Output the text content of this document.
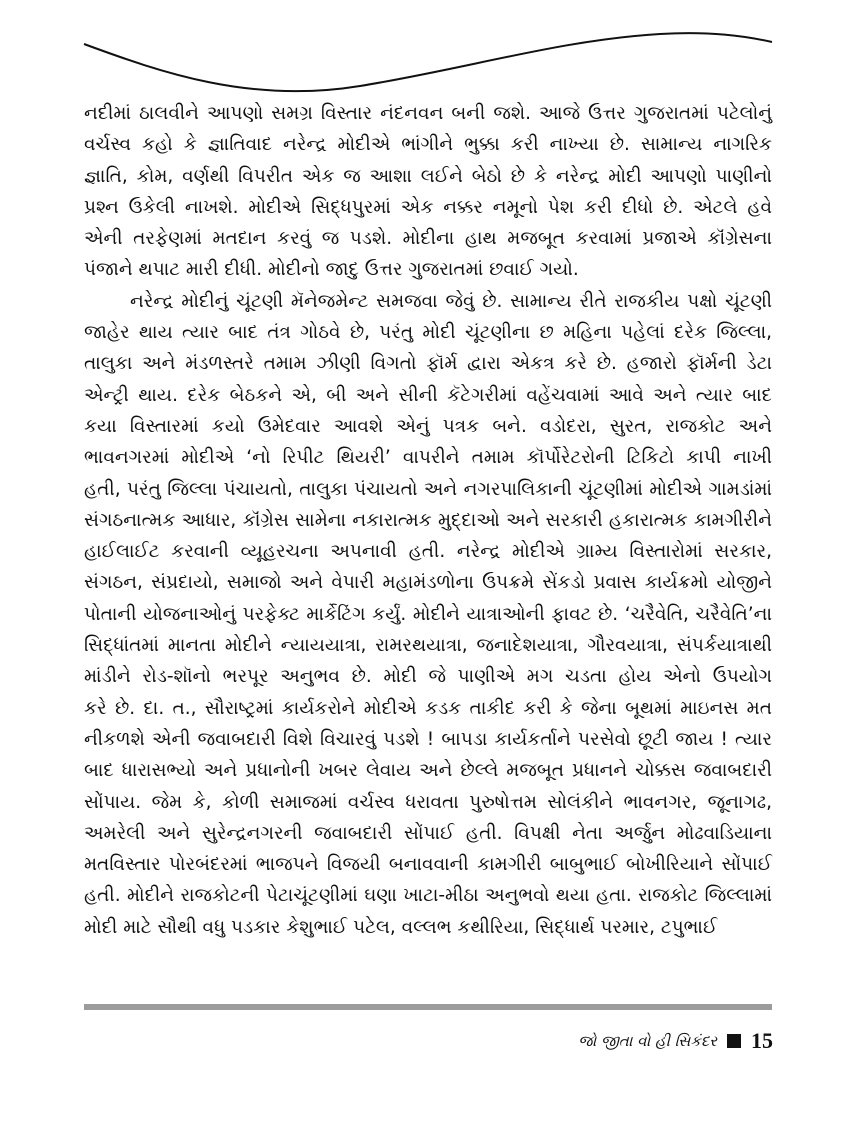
નદીમાં ઠાલવીને આપણો સમગ્ર વિસ્તાર નંદનવન બની જશે. આજે ઉત્તર ગુજરાતમાં પટેલોનું
વર્ચસ્વ કહો કે જ્ઞાતિવાદ નરેન્દ્ર મોદીએ ભાંગીને ભુક્કા કરી નાખ્યા છે. સામાન્ય નાગરિક
જ્ઞાતિ, કોમ, વર્ણથી વિપરીત એક જ આશા લઈને બેઠો છે કે નરેન્દ્ર મોદી આપણો પાણીનો
પ્રશ્ન ઉકેલી નાખશે. મોદીએ સિદ્ધપુરમાં એક નક્કર નમૂનો પેશ કરી દીધો છે. એટલે હવે
એની તરફેણમાં મતદાન કરવું જ પડશે. મોદીના હાથ મજબૂત કરવામાં પ્રજાએ કૉંગ્રેસના
પંજાને થપાટ મારી દીધી. મોદીનો જાદુ ઉત્તર ગુજરાતમાં છવાઈ ગયો.
નરેન્દ્ર મોદીનું ચૂંટણી મૅનેજમેન્ટ સમજવા જેવું છે. સામાન્ય રીતે રાજકીય પક્ષો ચૂંટણી
જાહેર થાય ત્યાર બાદ તંત્ર ગોઠવે છે, પરંતુ મોદી ચૂંટણીના છ મહિના પહેલાં દરેક જિલ્લા,
તાલુકા અને મંડળસ્તરે તમામ ઝીણી વિગતો ફૉર્મ દ્વારા એકત્ર કરે છે. હજારો ફૉર્મની ડેટા
એન્ટ્રી થાય. દરેક બેઠકને એ, બી અને સીની કૅટેગરીમાં વહેંચવામાં આવે અને ત્યાર બાદ
કયા વિસ્તારમાં કયો ઉમેદવાર આવશે એનું પત્રક બને. વડોદરા, સુરત, રાજકોટ અને
ભાવનગરમાં મોદીએ ‘નો રિપીટ થિયરી’ વાપરીને તમામ કૉર્પોરેટરોની ટિકિટો કાપી નાખી
હતી, પરંતુ જિલ્લા પંચાયતો, તાલુકા પંચાયતો અને નગરપાલિકાની ચૂંટણીમાં મોદીએ ગામડાંમાં
સંગઠનાત્મક આધાર, કૉંગ્રેસ સામેના નકારાત્મક મુદ્દાઓ અને સરકારી હકારાત્મક કામગીરીને
હાઈલાઈટ કરવાની વ્યૂહરચના અપનાવી હતી. નરેન્દ્ર મોદીએ ગ્રામ્ય વિસ્તારોમાં સરકાર,
સંગઠન, સંપ્રદાયો, સમાજો અને વેપારી મહામંડળોના ઉપક્રમે સેંકડો પ્રવાસ કાર્યક્રમો યોજીને
પોતાની યોજનાઓનું પરફેક્ટ માર્કેટિંગ કર્યું. મોદીને યાત્રાઓની ફાવટ છે. ‘ચરૈવેતિ, ચરૈવેતિ’ના
સિદ્ધાંતમાં માનતા મોદીને ન્યાયયાત્રા, રામરથયાત્રા, જનાદેશયાત્રા, ગૌરવયાત્રા, સંપર્કયાત્રાથી
માંડીને રોડ-શૉનો ભરપૂર અનુભવ છે. મોદી જે પાણીએ મગ ચડતા હોય એનો ઉપયોગ
કરે છે. દા. ત., સૌરાષ્ટ્રમાં કાર્યકરોને મોદીએ કડક તાકીદ કરી કે જેના બૂથમાં માઇનસ મત
નીકળશે એની જવાબદારી વિશે વિચારવું પડશે ! બાપડા કાર્યકર્તાને પરસેવો છૂટી જાય ! ત્યાર
બાદ ધારાસભ્યો અને પ્રધાનોની ખબર લેવાય અને છેલ્લે મજબૂત પ્રધાનને ચોક્કસ જવાબદારી
સોંપાય. જેમ કે, કોળી સમાજમાં વર્ચસ્વ ધરાવતા પુરુષોત્તમ સોલંકીને ભાવનગર, જૂનાગઢ,
અમરેલી અને સુરેન્દ્રનગરની જવાબદારી સોંપાઈ હતી. વિપક્ષી નેતા અર્જુન મોઢવાડિયાના
મતવિસ્તાર પોરબંદરમાં ભાજપને વિજયી બનાવવાની કામગીરી બાબુભાઈ બોખીરિયાને સોંપાઈ
હતી. મોદીને રાજકોટની પેટાચૂંટણીમાં ઘણા ખાટા-મીઠા અનુભવો થયા હતા. રાજકોટ જિલ્લામાં
મોદી માટે સૌથી વધુ પડકાર કેશુભાઈ પટેલ, વલ્લભ કથીરિયા, સિદ્ધાર્થ પરમાર, ટપુભાઈ
જો જીતા વો હી સિકંદર 15
